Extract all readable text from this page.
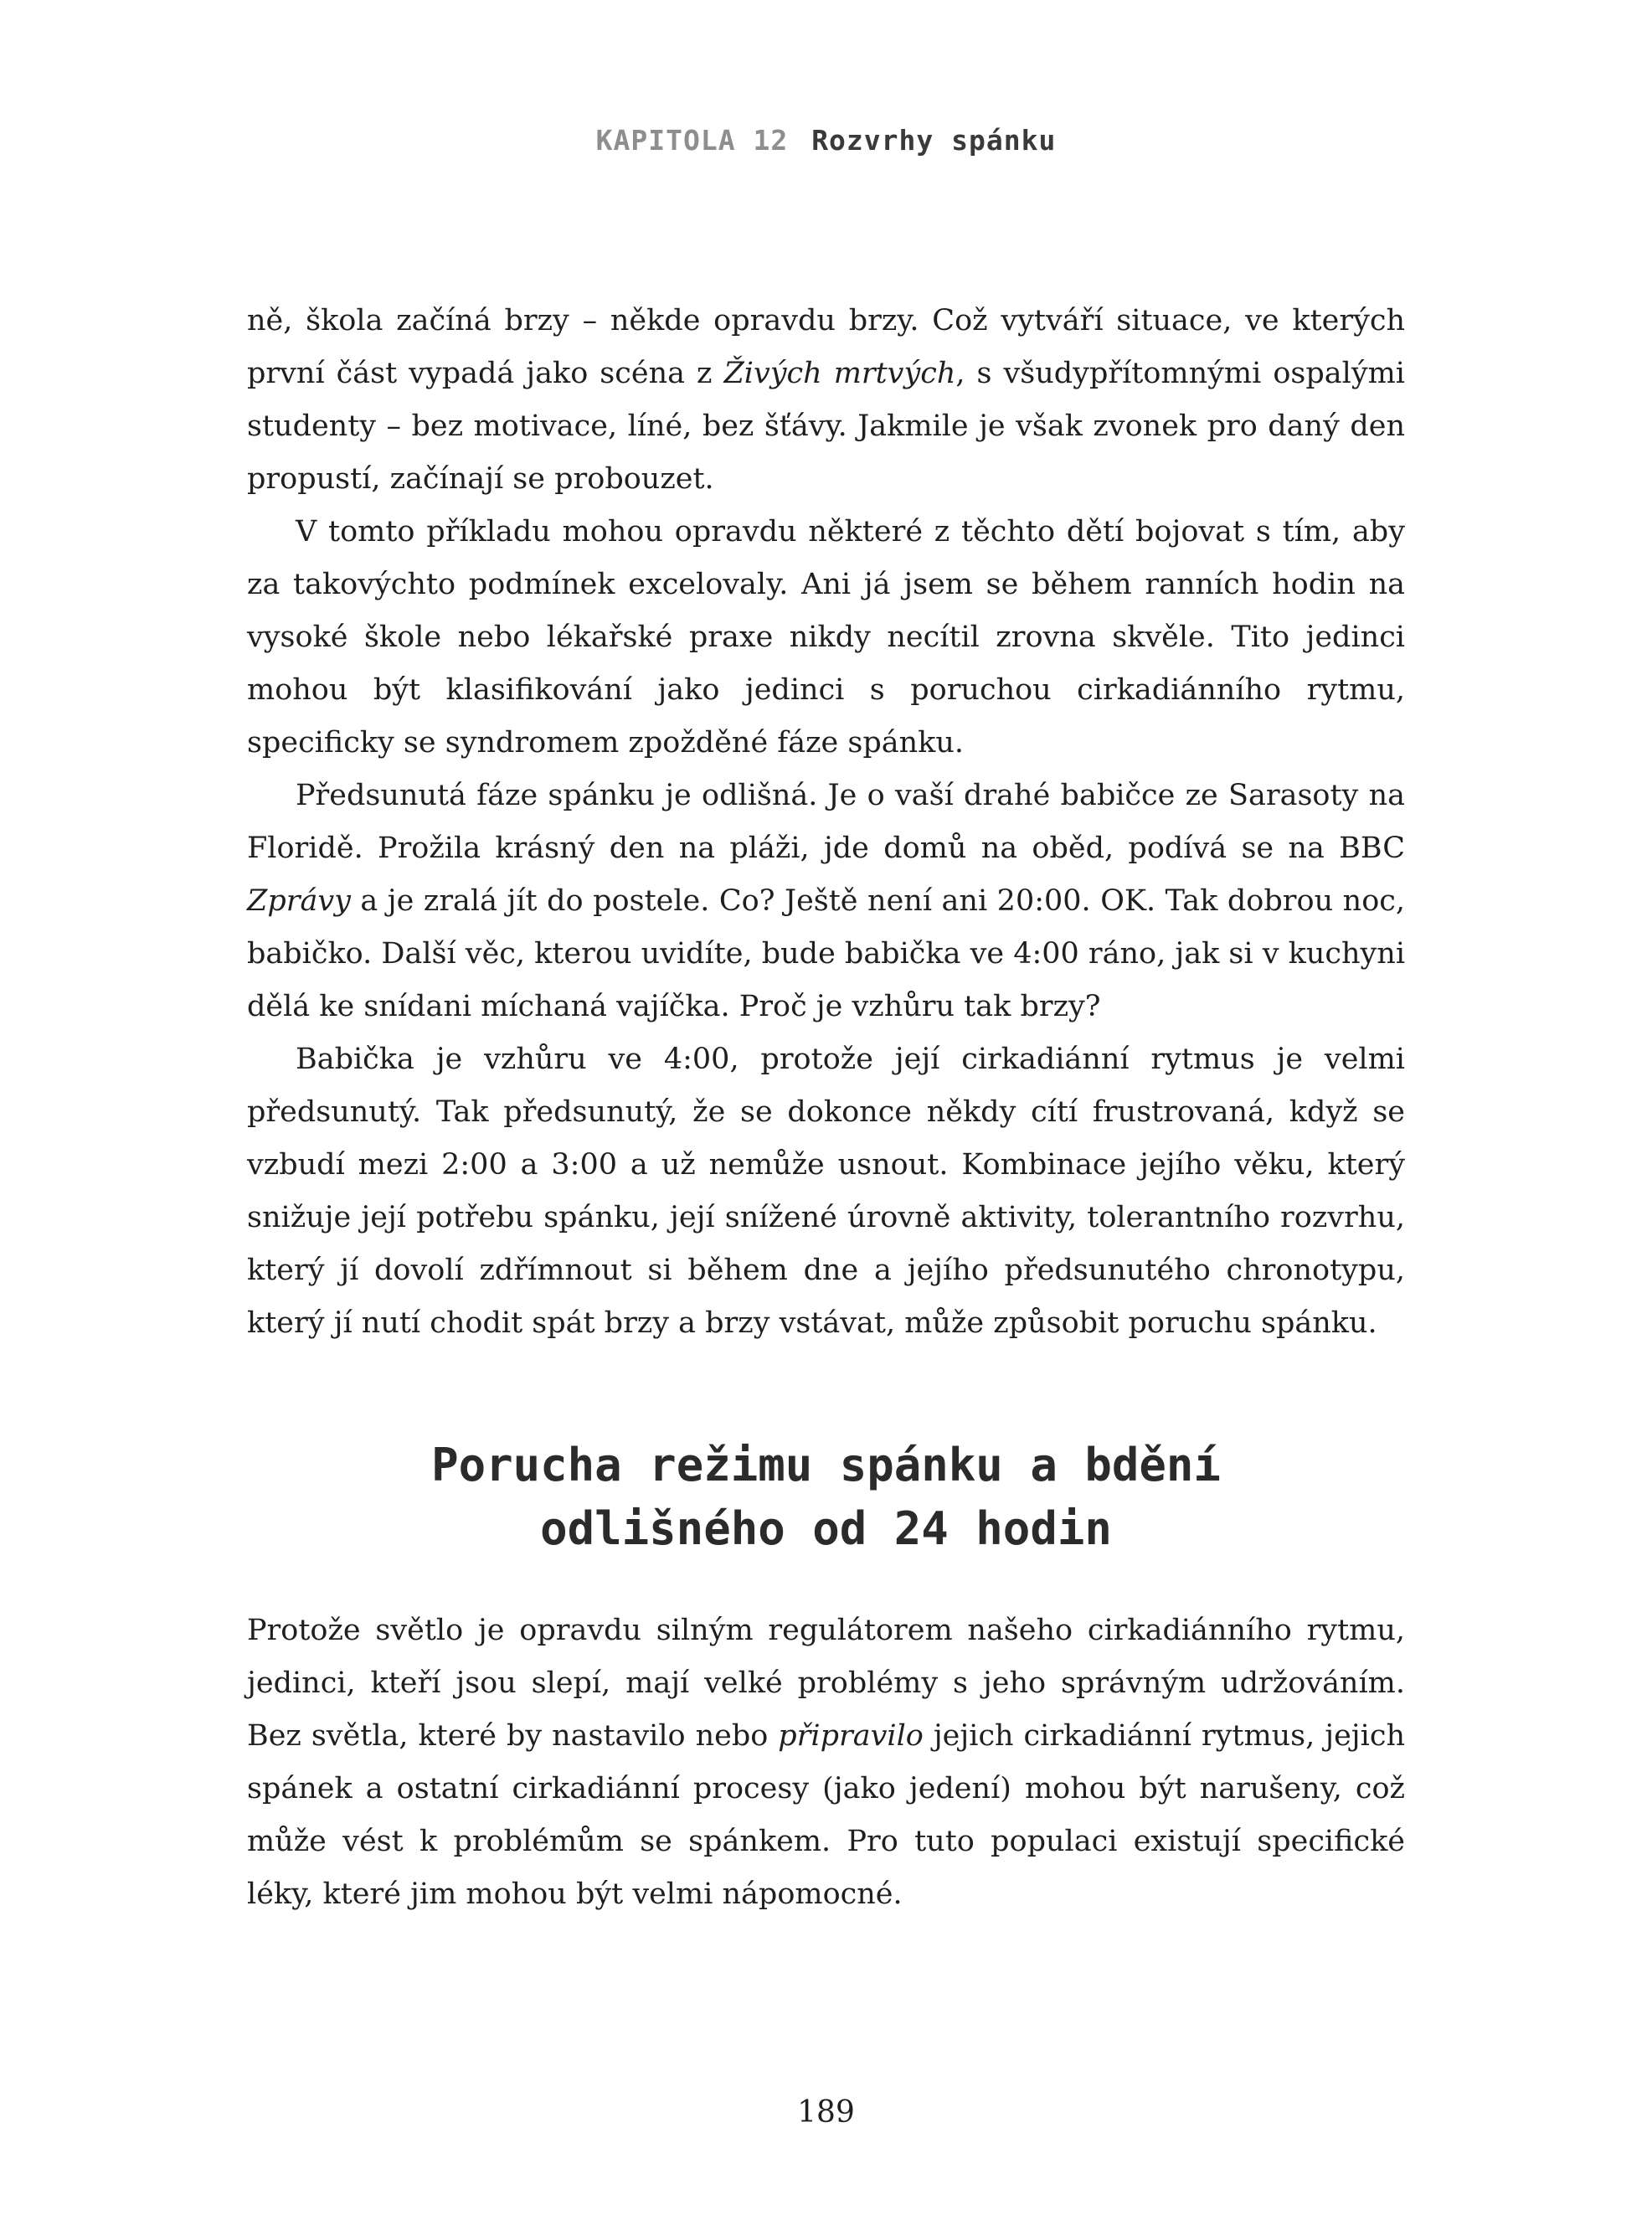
KAPITOLA 12 Rozvrhy spánku

ně, škola začíná brzy – někde opravdu brzy. Což vytváří situace, ve kterých první část vypadá jako scéna z Živých mrtvých, s všudypřítomnými ospalými studenty – bez motivace, líné, bez šťávy. Jakmile je však zvonek pro daný den propustí, začínají se probouzet.

V tomto příkladu mohou opravdu některé z těchto dětí bojovat s tím, aby za takovýchto podmínek excelovaly. Ani já jsem se během ranních hodin na vysoké škole nebo lékařské praxe nikdy necítil zrovna skvěle. Tito jedinci mohou být klasifikování jako jedinci s poruchou cirkadiánního rytmu, specificky se syndromem zpožděné fáze spánku.

Předsunutá fáze spánku je odlišná. Je o vaší drahé babičce ze Sarasoty na Floridě. Prožila krásný den na pláži, jde domů na oběd, podívá se na BBC Zprávy a je zralá jít do postele. Co? Ještě není ani 20:00. OK. Tak dobrou noc, babičko. Další věc, kterou uvidíte, bude babička ve 4:00 ráno, jak si v kuchyni dělá ke snídani míchaná vajíčka. Proč je vzhůru tak brzy?

Babička je vzhůru ve 4:00, protože její cirkadiánní rytmus je velmi předsunutý. Tak předsunutý, že se dokonce někdy cítí frustrovaná, když se vzbudí mezi 2:00 a 3:00 a už nemůže usnout. Kombinace jejího věku, který snižuje její potřebu spánku, její snížené úrovně aktivity, tolerantního rozvrhu, který jí dovolí zdřímnout si během dne a jejího předsunutého chronotypu, který jí nutí chodit spát brzy a brzy vstávat, může způsobit poruchu spánku.

Porucha režimu spánku a bdění
odlišného od 24 hodin

Protože světlo je opravdu silným regulátorem našeho cirkadiánního rytmu, jedinci, kteří jsou slepí, mají velké problémy s jeho správným udržováním. Bez světla, které by nastavilo nebo připravilo jejich cirkadiánní rytmus, jejich spánek a ostatní cirkadiánní procesy (jako jedení) mohou být narušeny, což může vést k problémům se spánkem. Pro tuto populaci existují specifické léky, které jim mohou být velmi nápomocné.

189
